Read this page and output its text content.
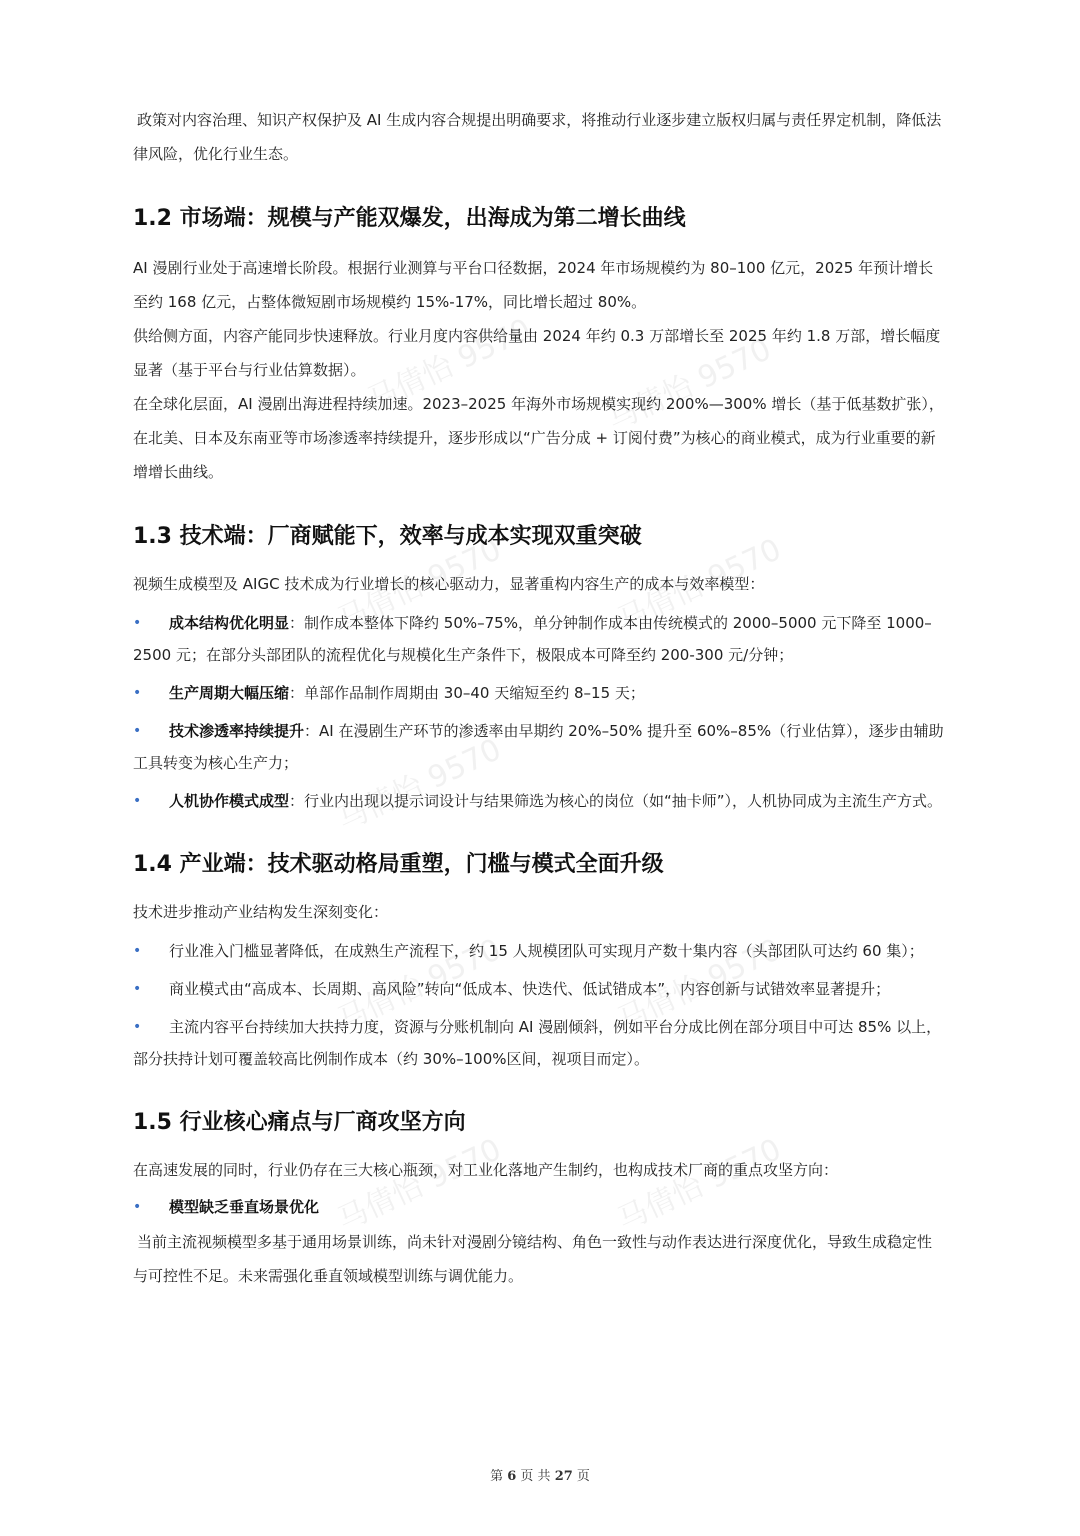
马倩怡 9570 马倩怡 9570
马倩怡 9570	马倩怡 9570
马倩怡 9570
马倩怡 9570	马倩怡 9570
马倩怡 9570	马倩怡 9570

政策对内容治理、知识产权保护及 AI 生成内容合规提出明确要求，将推动行业逐步建立版权归属与责任界定机制，降低法律风险，优化行业生态。

1.2 市场端：规模与产能双爆发，出海成为第二增长曲线

AI 漫剧行业处于高速增长阶段。根据行业测算与平台口径数据，2024 年市场规模约为 80–100 亿元，2025 年预计增长至约 168 亿元，占整体微短剧市场规模约 15%-17%，同比增长超过 80%。

供给侧方面，内容产能同步快速释放。行业月度内容供给量由 2024 年约 0.3 万部增长至 2025 年约 1.8 万部，增长幅度显著（基于平台与行业估算数据）。

在全球化层面，AI 漫剧出海进程持续加速。2023–2025 年海外市场规模实现约 200%—300% 增长（基于低基数扩张），在北美、日本及东南亚等市场渗透率持续提升，逐步形成以“广告分成 + 订阅付费”为核心的商业模式，成为行业重要的新增增长曲线。

1.3 技术端：厂商赋能下，效率与成本实现双重突破

视频生成模型及 AIGC 技术成为行业增长的核心驱动力，显著重构内容生产的成本与效率模型：

• 成本结构优化明显：制作成本整体下降约 50%–75%，单分钟制作成本由传统模式的 2000–5000 元下降至 1000–2500 元；在部分头部团队的流程优化与规模化生产条件下，极限成本可降至约 200-300 元/分钟；
• 生产周期大幅压缩：单部作品制作周期由 30–40 天缩短至约 8–15 天；
• 技术渗透率持续提升：AI 在漫剧生产环节的渗透率由早期约 20%–50% 提升至 60%–85%（行业估算），逐步由辅助工具转变为核心生产力；
• 人机协作模式成型：行业内出现以提示词设计与结果筛选为核心的岗位（如“抽卡师”），人机协同成为主流生产方式。
1.4 产业端：技术驱动格局重塑，门槛与模式全面升级

技术进步推动产业结构发生深刻变化：

• 行业准入门槛显著降低，在成熟生产流程下，约 15 人规模团队可实现月产数十集内容（头部团队可达约 60 集）；
• 商业模式由“高成本、长周期、高风险”转向“低成本、快迭代、低试错成本”，内容创新与试错效率显著提升；
• 主流内容平台持续加大扶持力度，资源与分账机制向 AI 漫剧倾斜，例如平台分成比例在部分项目中可达 85% 以上，部分扶持计划可覆盖较高比例制作成本（约 30%–100%区间，视项目而定）。
1.5 行业核心痛点与厂商攻坚方向

在高速发展的同时，行业仍存在三大核心瓶颈，对工业化落地产生制约，也构成技术厂商的重点攻坚方向：

• 模型缺乏垂直场景优化

当前主流视频模型多基于通用场景训练，尚未针对漫剧分镜结构、角色一致性与动作表达进行深度优化，导致生成稳定性与可控性不足。未来需强化垂直领域模型训练与调优能力。

第 6 页 共 27 页
